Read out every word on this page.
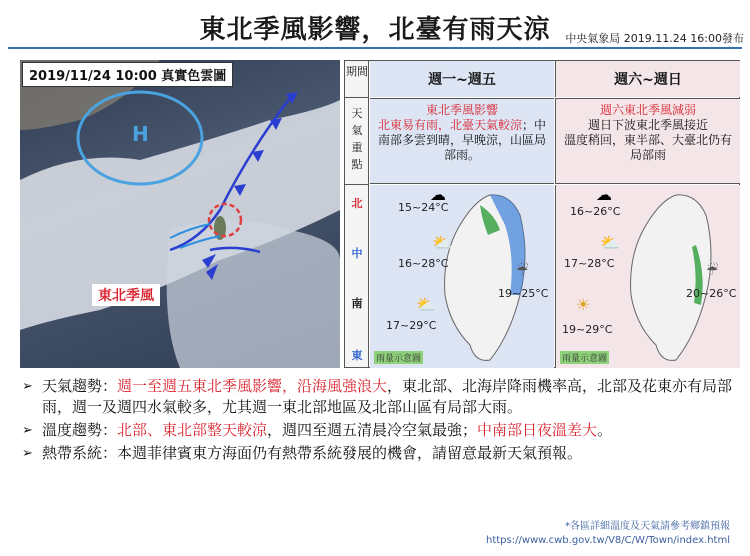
東北季風影響，北臺有雨天涼	中央氣象局 2019.11.24 16:00發布
2019/11/24 10:00 真實色雲圖
H
東北季風
期間
天
氣
重
點
北
中
南
東
週一~週五
東北季風影響
北東易有雨，北臺天氣較涼；中南部多雲到晴，早晚涼，山區局部雨。
15~24°C
16~28°C
19~25°C
17~29°C
雨量示意圖
☁
⛅
⛅
☔
週六~週日
週六東北季風減弱
週日下波東北季風接近
溫度稍回，東半部、大臺北仍有局部雨
16~26°C
17~28°C
20~26°C
19~29°C
雨量示意圖
☁
⛅
☀
☔
➢ 天氣趨勢：週一至週五東北季風影響，沿海風強浪大，東北部、北海岸降雨機率高，北部及花東亦有局部雨，週一及週四水氣較多，尤其週一東北部地區及北部山區有局部大雨。
➢ 溫度趨勢：北部、東北部整天較涼，週四至週五清晨冷空氣最強；中南部日夜溫差大。
➢ 熱帶系統：本週菲律賓東方海面仍有熱帶系統發展的機會，請留意最新天氣預報。
*各區詳細溫度及天氣請參考鄉鎮預報
https://www.cwb.gov.tw/V8/C/W/Town/index.html
